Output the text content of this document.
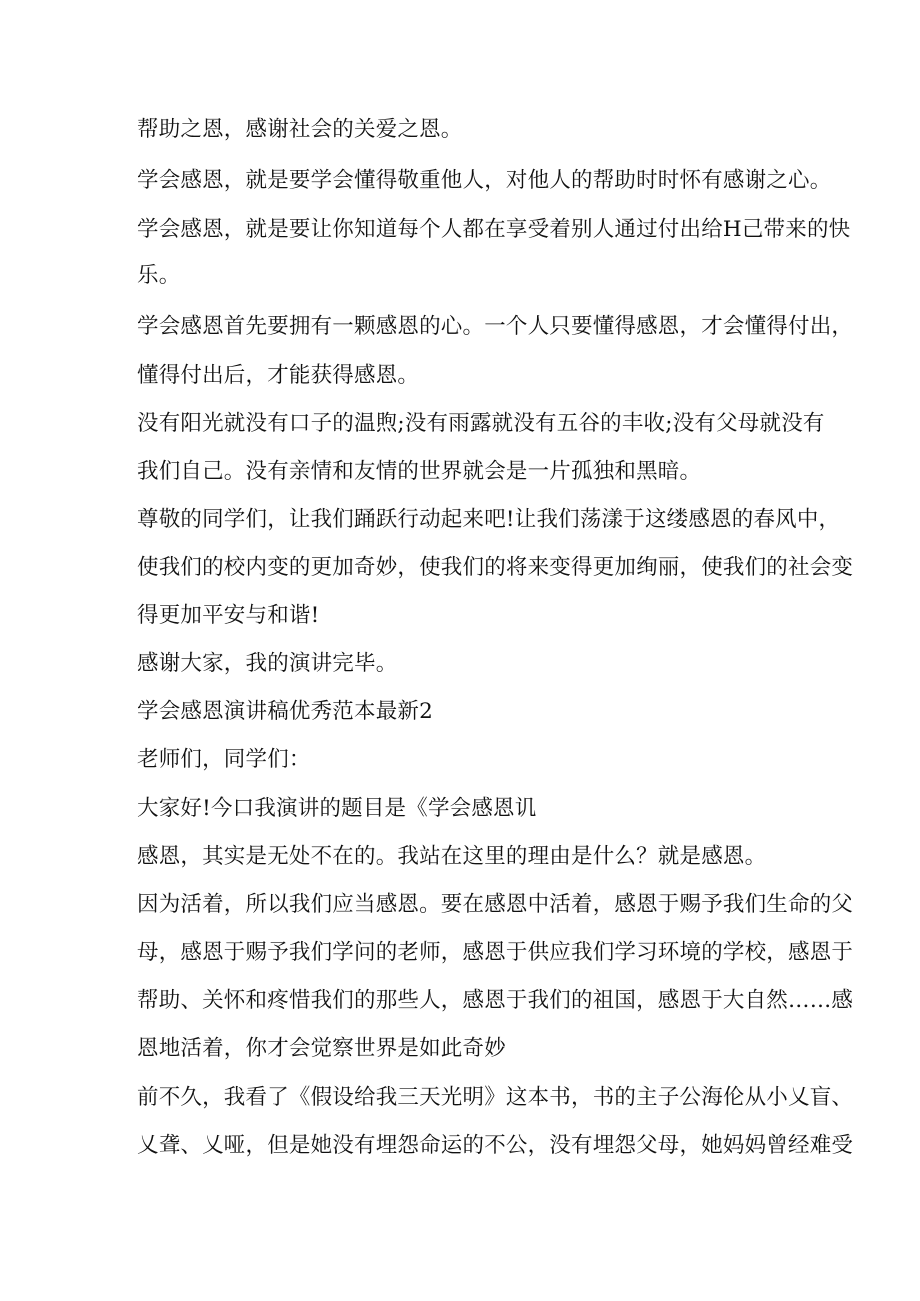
帮助之恩，感谢社会的关爱之恩。
学会感恩，就是要学会懂得敬重他人，对他人的帮助时时怀有感谢之心。
学会感恩，就是要让你知道每个人都在享受着别人通过付出给H己带来的快
乐。
学会感恩首先要拥有一颗感恩的心。一个人只要懂得感恩，才会懂得付出，
懂得付出后，才能获得感恩。
没有阳光就没有口子的温煦;没有雨露就没有五谷的丰收;没有父母就没有
我们自己。没有亲情和友情的世界就会是一片孤独和黑暗。
尊敬的同学们，让我们踊跃行动起来吧!让我们荡漾于这缕感恩的春风中，
使我们的校内变的更加奇妙，使我们的将来变得更加绚丽，使我们的社会变
得更加平安与和谐!
感谢大家，我的演讲完毕。
学会感恩演讲稿优秀范本最新2
老师们，同学们：
大家好!今口我演讲的题目是《学会感恩讥
感恩，其实是无处不在的。我站在这里的理由是什么？就是感恩。
因为活着，所以我们应当感恩。要在感恩中活着，感恩于赐予我们生命的父
母，感恩于赐予我们学问的老师，感恩于供应我们学习环境的学校，感恩于
帮助、关怀和疼惜我们的那些人，感恩于我们的祖国，感恩于大自然……感
恩地活着，你才会觉察世界是如此奇妙
前不久，我看了《假设给我三天光明》这本书，书的主子公海伦从小乂盲、
乂聋、乂哑，但是她没有埋怨命运的不公，没有埋怨父母，她妈妈曾经难受
